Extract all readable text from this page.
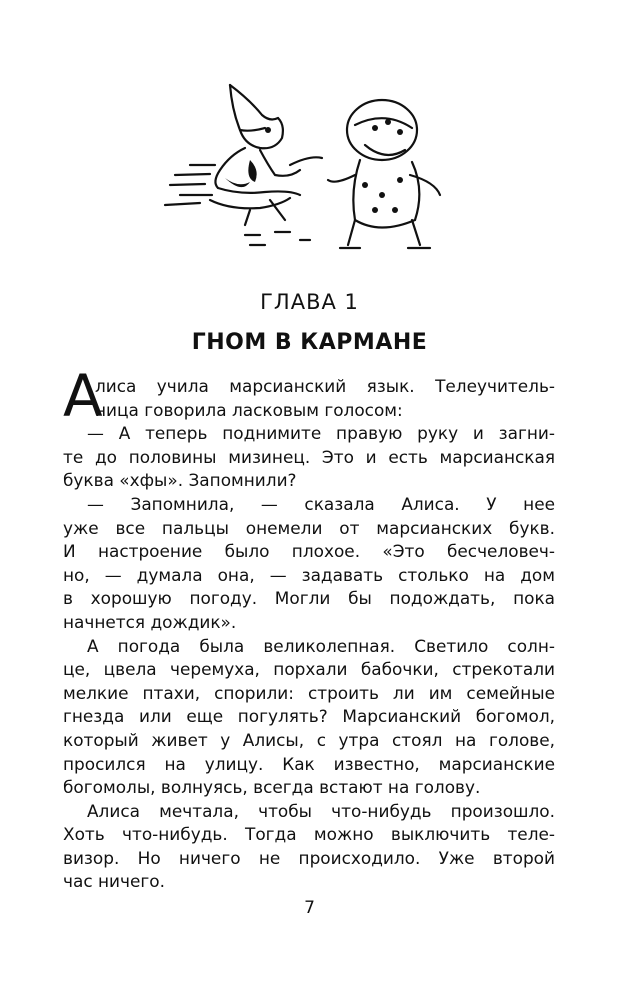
ГЛАВА 1
ГНОМ В КАРМАНЕ
А
лиса учила марсианский язык. Телеучитель-
ница говорила ласковым голосом:
— А теперь поднимите правую руку и загни-
те до половины мизинец. Это и есть марсианская
буква «хфы». Запомнили?
— Запомнила, — сказала Алиса. У нее
уже все пальцы онемели от марсианских букв.
И настроение было плохое. «Это бесчеловеч-
но, — думала она, — задавать столько на дом
в хорошую погоду. Могли бы подождать, пока
начнется дождик».
А погода была великолепная. Светило солн-
це, цвела черемуха, порхали бабочки, стрекотали
мелкие птахи, спорили: строить ли им семейные
гнезда или еще погулять? Марсианский богомол,
который живет у Алисы, с утра стоял на голове,
просился на улицу. Как известно, марсианские
богомолы, волнуясь, всегда встают на голову.
Алиса мечтала, чтобы что-нибудь произошло.
Хоть что-нибудь. Тогда можно выключить теле-
визор. Но ничего не происходило. Уже второй
час ничего.
7
